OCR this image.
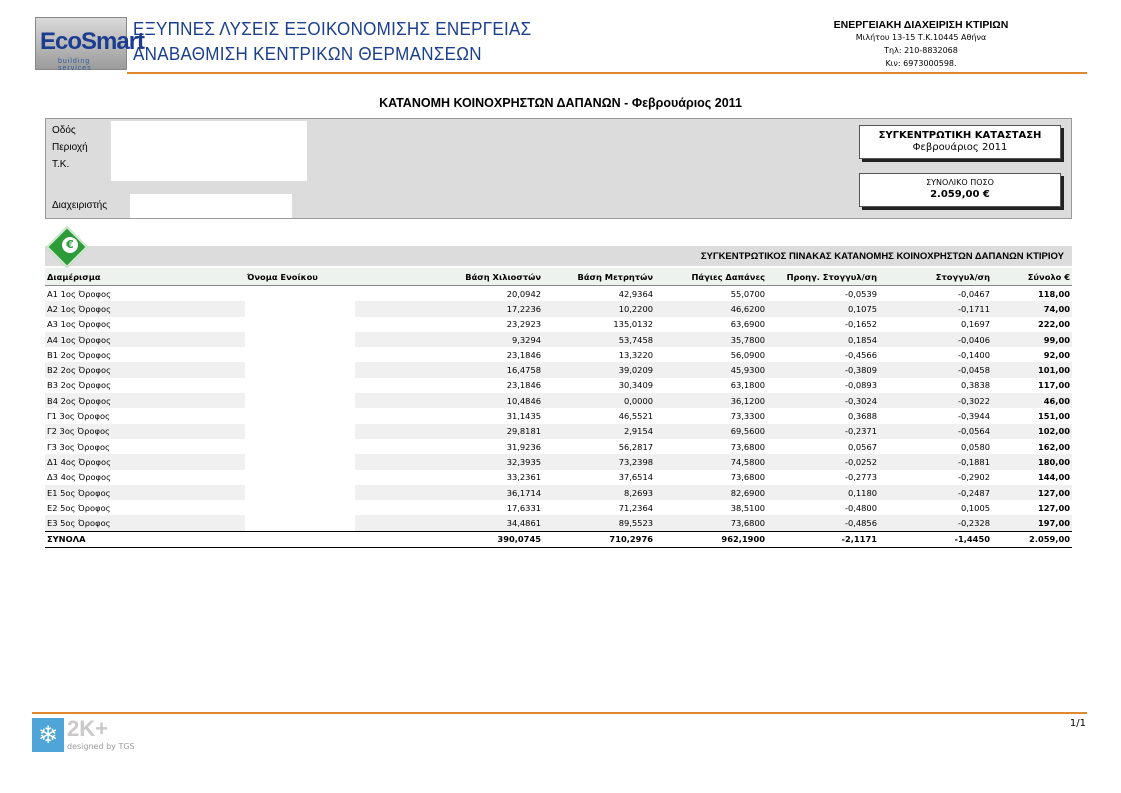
EcoSmart
building services
ΕΞΥΠΝΕΣ ΛΥΣΕΙΣ ΕΞΟΙΚΟΝΟΜΙΣΗΣ ΕΝΕΡΓΕΙΑΣ
ΑΝΑΒΑΘΜΙΣΗ ΚΕΝΤΡΙΚΩΝ ΘΕΡΜΑΝΣΕΩΝ
ΕΝΕΡΓΕΙΑΚΗ ΔΙΑΧΕΙΡΙΣΗ ΚΤΙΡΙΩΝ
Μιλήτου 13-15 Τ.Κ.10445 Αθήνα
Τηλ: 210-8832068
Κιν: 6973000598.
ΚΑΤΑΝΟΜΗ ΚΟΙΝΟΧΡΗΣΤΩΝ ΔΑΠΑΝΩΝ - Φεβρουάριος 2011
Οδός
Περιοχή
Τ.Κ.
Διαχειριστής
ΣΥΓΚΕΝΤΡΩΤΙΚΗ ΚΑΤΑΣΤΑΣΗ
Φεβρουάριος 2011
ΣΥΝΟΛΙΚΟ ΠΟΣΟ
2.059,00 €
ΣΥΓΚΕΝΤΡΩΤΙΚΟΣ ΠΙΝΑΚΑΣ ΚΑΤΑΝΟΜΗΣ ΚΟΙΝΟΧΡΗΣΤΩΝ ΔΑΠΑΝΩΝ ΚΤΙΡΙΟΥ
€
Διαμέρισμα	Όνομα Ενοίκου	Βάση Χιλιοστών	Βάση Μετρητών	Πάγιες Δαπάνες	Προηγ. Στογγυλ/ση	Στογγυλ/ση	Σύνολο €
Α1 1ος Όροφος		20,0942	42,9364	55,0700	-0,0539	-0,0467	118,00
Α2 1ος Όροφος		17,2236	10,2200	46,6200	0,1075	-0,1711	74,00
Α3 1ος Όροφος		23,2923	135,0132	63,6900	-0,1652	0,1697	222,00
Α4 1ος Όροφος		9,3294	53,7458	35,7800	0,1854	-0,0406	99,00
Β1 2ος Όροφος		23,1846	13,3220	56,0900	-0,4566	-0,1400	92,00
Β2 2ος Όροφος		16,4758	39,0209	45,9300	-0,3809	-0,0458	101,00
Β3 2ος Όροφος		23,1846	30,3409	63,1800	-0,0893	0,3838	117,00
Β4 2ος Όροφος		10,4846	0,0000	36,1200	-0,3024	-0,3022	46,00
Γ1 3ος Όροφος		31,1435	46,5521	73,3300	0,3688	-0,3944	151,00
Γ2 3ος Όροφος		29,8181	2,9154	69,5600	-0,2371	-0,0564	102,00
Γ3 3ος Όροφος		31,9236	56,2817	73,6800	0,0567	0,0580	162,00
Δ1 4ος Όροφος		32,3935	73,2398	74,5800	-0,0252	-0,1881	180,00
Δ3 4ος Όροφος		33,2361	37,6514	73,6800	-0,2773	-0,2902	144,00
Ε1 5ος Όροφος		36,1714	8,2693	82,6900	0,1180	-0,2487	127,00
Ε2 5ος Όροφος		17,6331	71,2364	38,5100	-0,4800	0,1005	127,00
Ε3 5ος Όροφος		34,4861	89,5523	73,6800	-0,4856	-0,2328	197,00
ΣΥΝΟΛΑ		390,0745	710,2976	962,1900	-2,1171	-1,4450	2.059,00
❄ 2K+
designed by TGS
1/1
